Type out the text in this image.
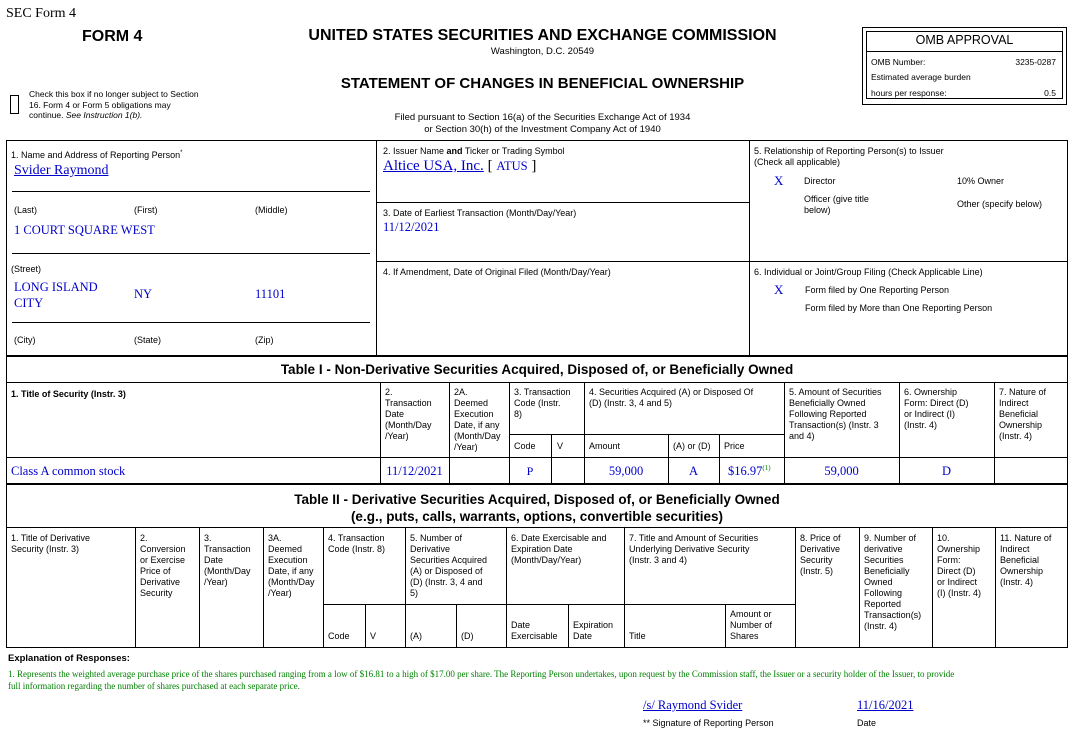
SEC Form 4
FORM 4	UNITED STATES SECURITIES AND EXCHANGE COMMISSION
Washington, D.C. 20549
STATEMENT OF CHANGES IN BENEFICIAL OWNERSHIP
Filed pursuant to Section 16(a) of the Securities Exchange Act of 1934
or Section 30(h) of the Investment Company Act of 1940
Check this box if no longer subject to Section
16. Form 4 or Form 5 obligations may
continue. See Instruction 1(b).
OMB APPROVAL
OMB Number:	3235-0287
Estimated average burden
hours per response:	0.5
1. Name and Address of Reporting Person*
Svider Raymond
(Last)	(First)	(Middle)
1 COURT SQUARE WEST
(Street)
LONG ISLAND
CITY
NY	11101
(City)	(State)	(Zip)
2. Issuer Name and Ticker or Trading Symbol
Altice USA, Inc. [ ATUS ]
3. Date of Earliest Transaction (Month/Day/Year)
11/12/2021
4. If Amendment, Date of Original Filed (Month/Day/Year)
5. Relationship of Reporting Person(s) to Issuer
(Check all applicable)
X Director	10% Owner
Officer (give title
below)
Other (specify below)
6. Individual or Joint/Group Filing (Check Applicable Line)
X Form filed by One Reporting Person
Form filed by More than One Reporting Person
Table I - Non-Derivative Securities Acquired, Disposed of, or Beneficially Owned
1. Title of Security (Instr. 3)	2.
Transaction
Date
(Month/Day
/Year)
2A.
Deemed
Execution
Date, if any
(Month/Day
/Year)
3. Transaction
Code (Instr.
8)
4. Securities Acquired (A) or Disposed Of
(D) (Instr. 3, 4 and 5)
5. Amount of Securities
Beneficially Owned
Following Reported
Transaction(s) (Instr. 3
and 4)
6. Ownership
Form: Direct (D)
or Indirect (I)
(Instr. 4)
7. Nature of
Indirect
Beneficial
Ownership
(Instr. 4)
Code V	Amount	(A) or (D) Price
Class A common stock	11/12/2021	P	59,000	A	$16.97$^{(1)}$	59,000	D
Table II - Derivative Securities Acquired, Disposed of, or Beneficially Owned
(e.g., puts, calls, warrants, options, convertible securities)
1. Title of Derivative
Security (Instr. 3)
2.
Conversion
or Exercise
Price of
Derivative
Security
3.
Transaction
Date
(Month/Day
/Year)
3A.
Deemed
Execution
Date, if any
(Month/Day
/Year)
4. Transaction
Code (Instr. 8)
5. Number of
Derivative
Securities Acquired
(A) or Disposed of
(D) (Instr. 3, 4 and
5)
6. Date Exercisable and
Expiration Date
(Month/Day/Year)
7. Title and Amount of Securities
Underlying Derivative Security
(Instr. 3 and 4)
8. Price of
Derivative
Security
(Instr. 5)
9. Number of
derivative
Securities
Beneficially
Owned
Following
Reported
Transaction(s)
(Instr. 4)
10.
Ownership
Form:
Direct (D)
or Indirect
(I) (Instr. 4)
11. Nature of
Indirect
Beneficial
Ownership
(Instr. 4)
Code V	(A)	(D)
Date
Exercisable
Expiration
Date	Title
Amount or
Number of
Shares
Explanation of Responses:
1. Represents the weighted average purchase price of the shares purchased ranging from a low of $16.81 to a high of $17.00 per share. The Reporting Person undertakes, upon request by the Commission staff, the Issuer or a security holder of the Issuer, to provide
full information regarding the number of shares purchased at each separate price.
/s/ Raymond Svider	11/16/2021
** Signature of Reporting Person	Date
